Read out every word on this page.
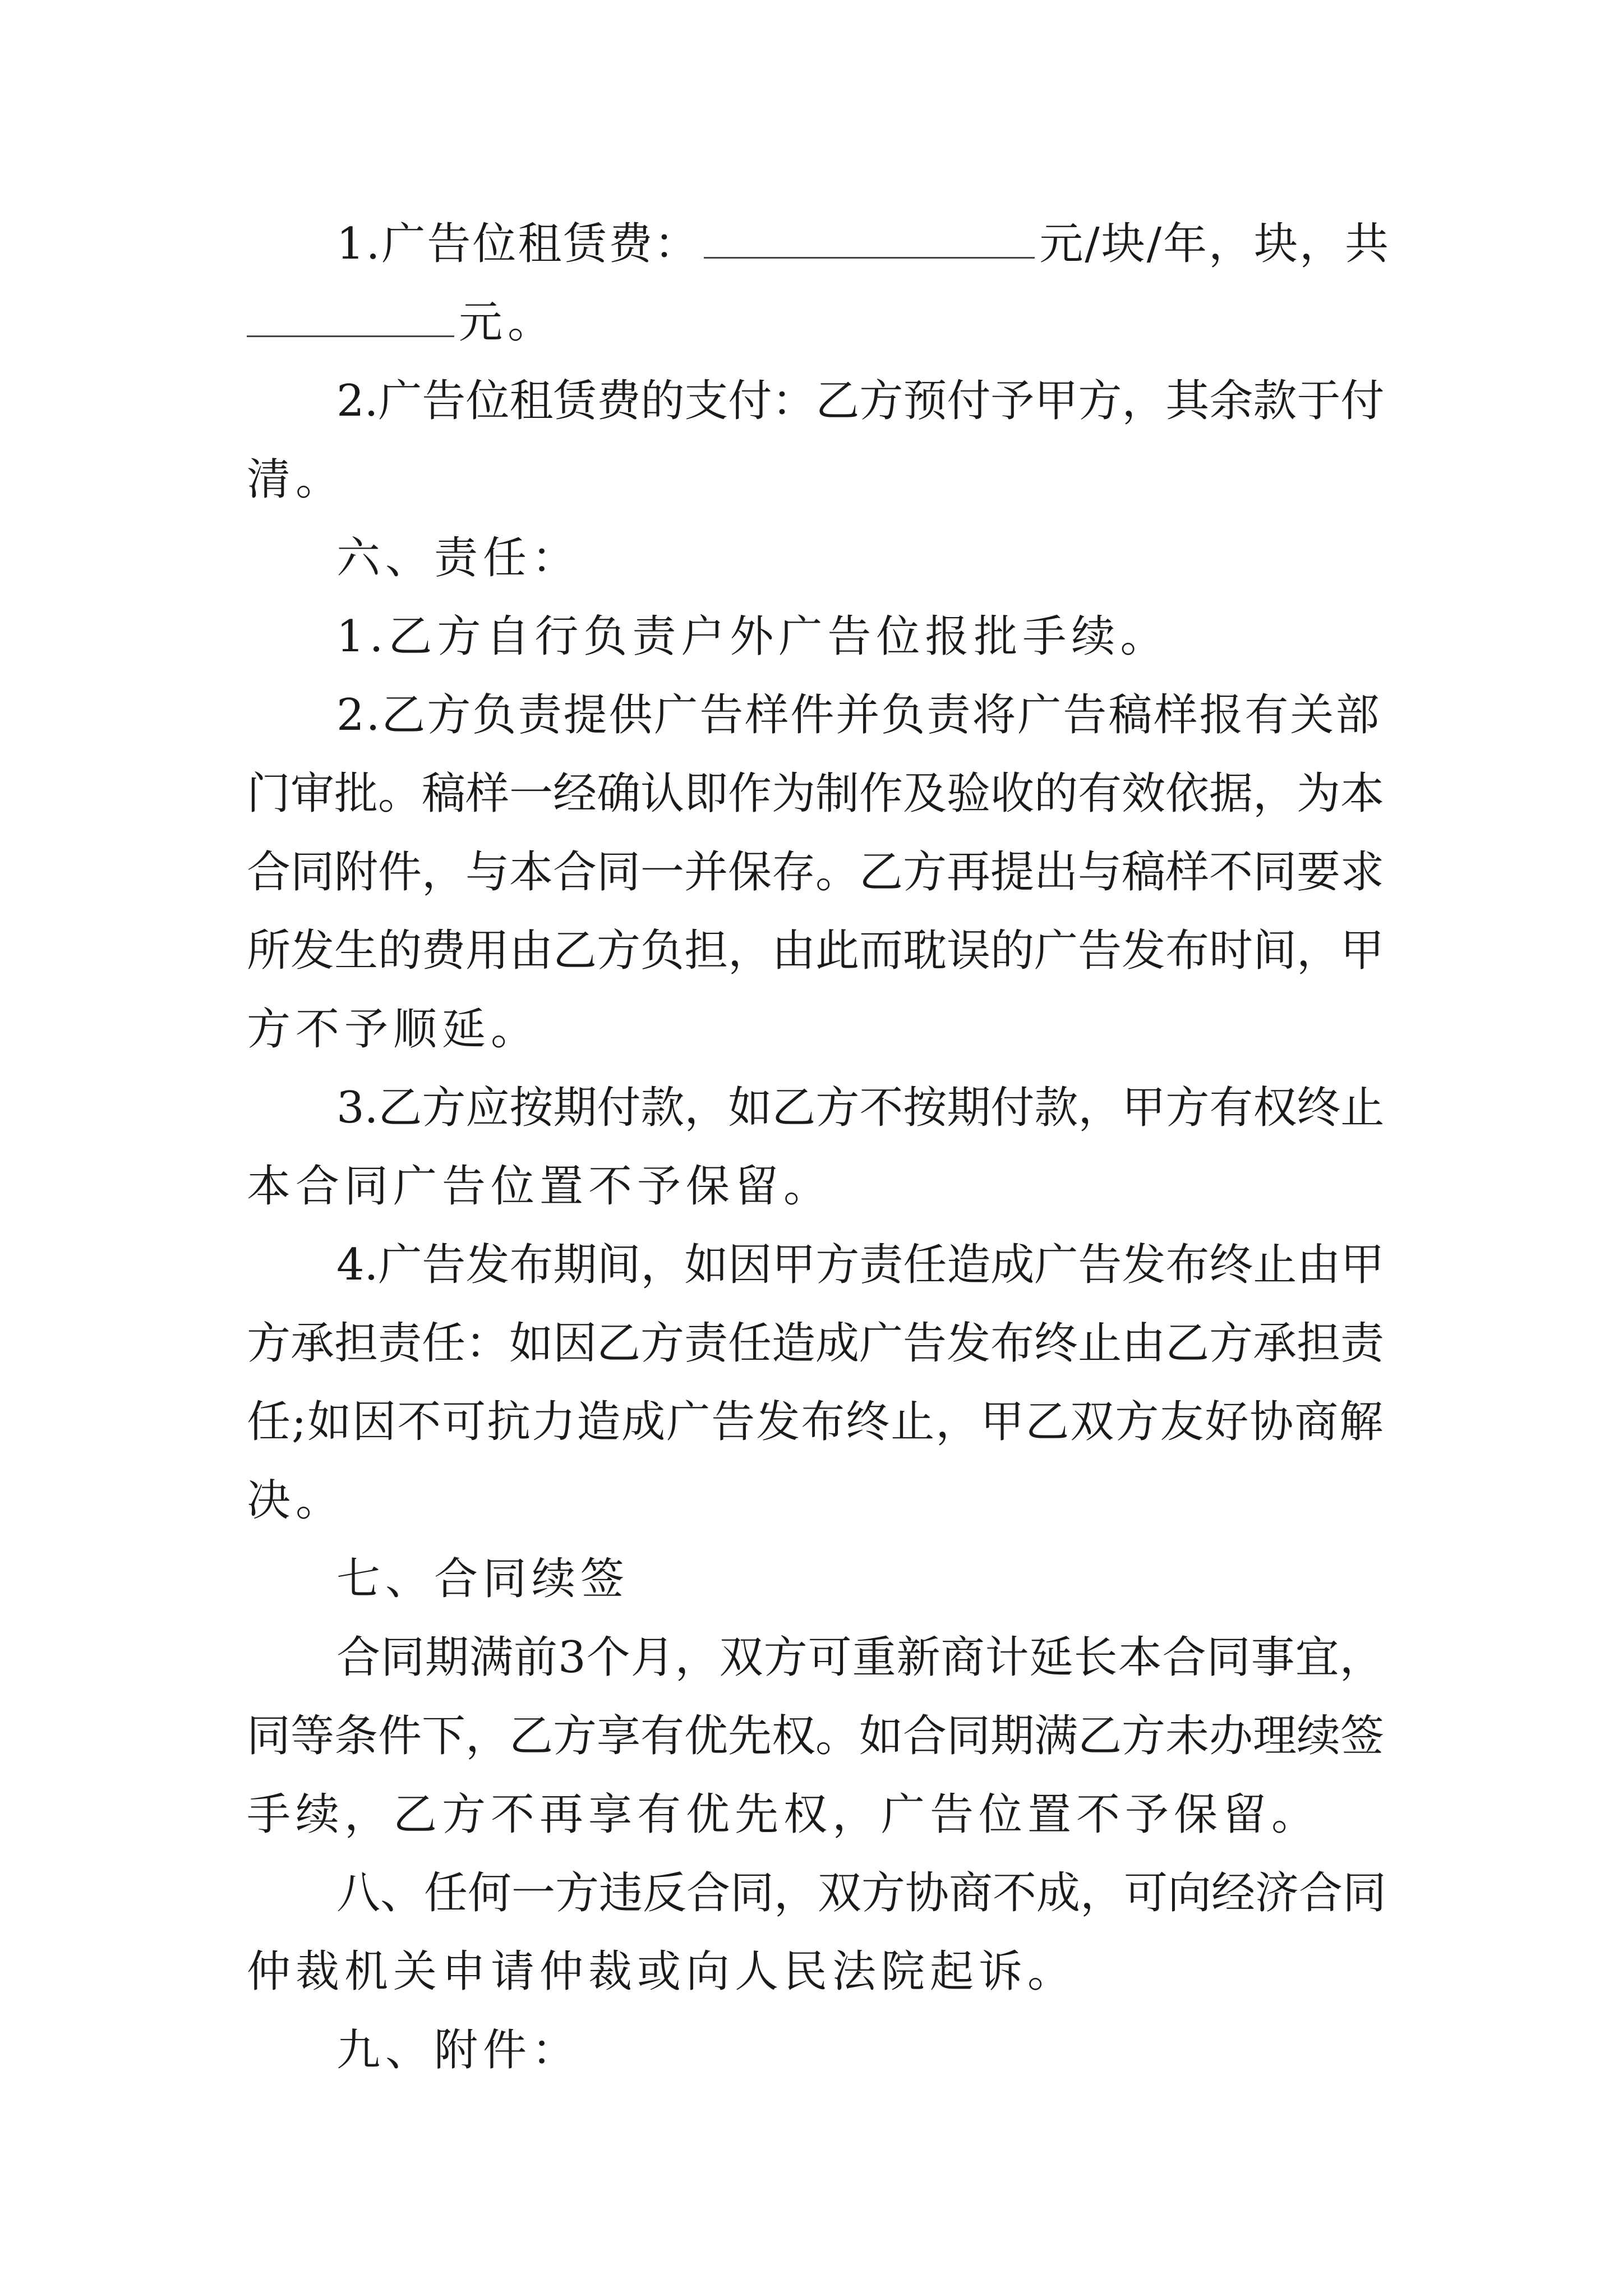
1.广告位租赁费：	元/块/年，块，共
元。
2.广告位租赁费的支付：乙方预付予甲方，其余款于付
清。
六、责任：
1.乙方自行负责户外广告位报批手续。
2.乙方负责提供广告样件并负责将广告稿样报有关部
门审批。稿样一经确认即作为制作及验收的有效依据，为本
合同附件，与本合同一并保存。乙方再提出与稿样不同要求
所发生的费用由乙方负担，由此而耽误的广告发布时间，甲
方不予顺延。
3.乙方应按期付款，如乙方不按期付款，甲方有权终止
本合同广告位置不予保留。
4.广告发布期间，如因甲方责任造成广告发布终止由甲
方承担责任：如因乙方责任造成广告发布终止由乙方承担责
任;如因不可抗力造成广告发布终止，甲乙双方友好协商解
决。
七、合同续签
合同期满前3个月，双方可重新商计延长本合同事宜，
同等条件下，乙方享有优先权。如合同期满乙方未办理续签
手续，乙方不再享有优先权，广告位置不予保留。
八、任何一方违反合同，双方协商不成，可向经济合同
仲裁机关申请仲裁或向人民法院起诉。
九、附件：
